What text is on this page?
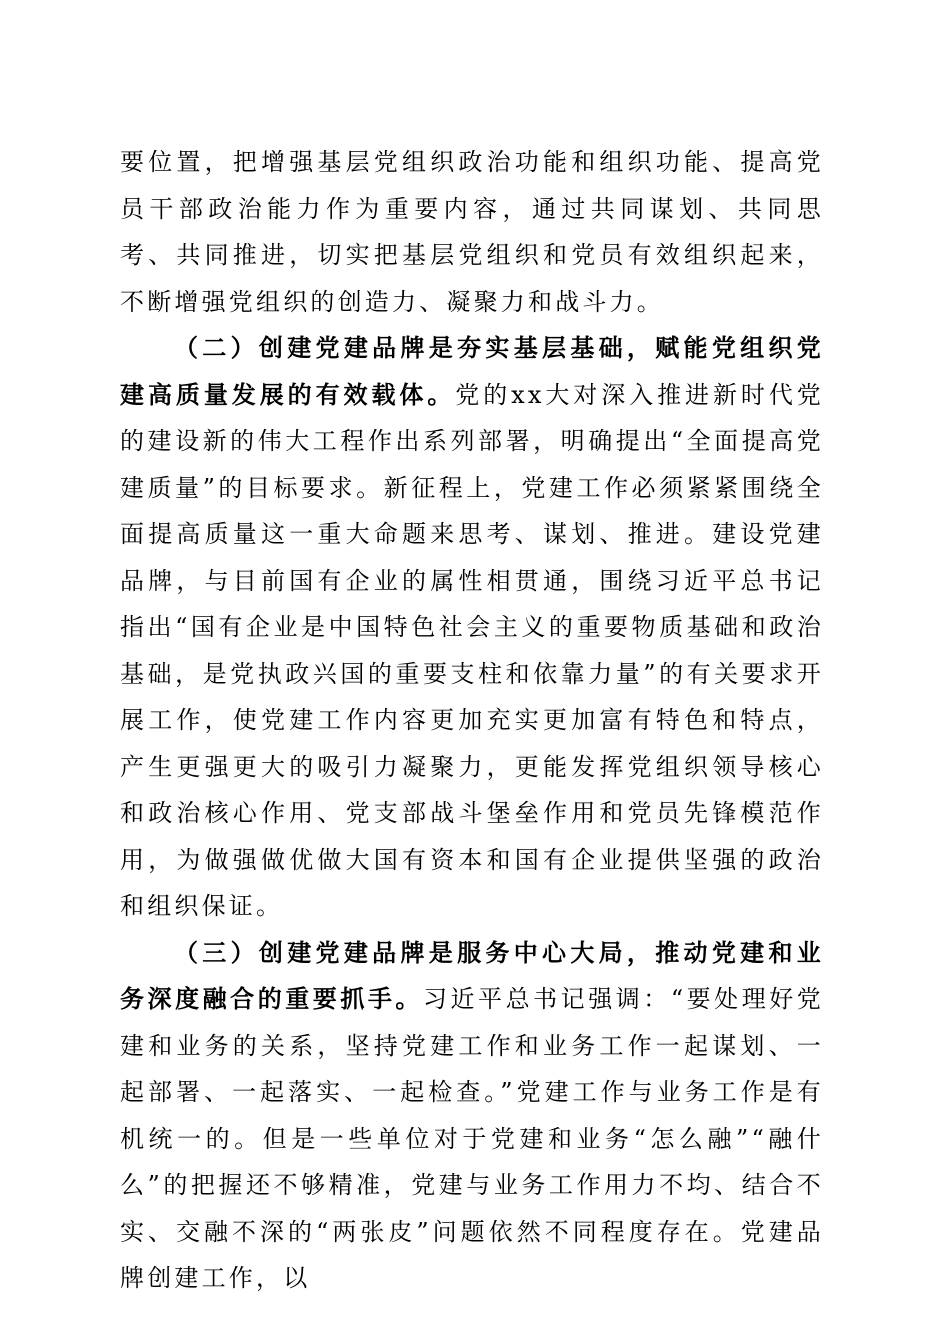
要位置，把增强基层党组织政治功能和组织功能、提高党员干部政治能力作为重要内容，通过共同谋划、共同思考、共同推进，切实把基层党组织和党员有效组织起来，不断增强党组织的创造力、凝聚力和战斗力。

（二）创建党建品牌是夯实基层基础，赋能党组织党建高质量发展的有效载体。党的xx大对深入推进新时代党的建设新的伟大工程作出系列部署，明确提出“全面提高党建质量”的目标要求。新征程上，党建工作必须紧紧围绕全面提高质量这一重大命题来思考、谋划、推进。建设党建品牌，与目前国有企业的属性相贯通，围绕习近平总书记指出“国有企业是中国特色社会主义的重要物质基础和政治基础，是党执政兴国的重要支柱和依靠力量”的有关要求开展工作，使党建工作内容更加充实更加富有特色和特点，产生更强更大的吸引力凝聚力，更能发挥党组织领导核心和政治核心作用、党支部战斗堡垒作用和党员先锋模范作用，为做强做优做大国有资本和国有企业提供坚强的政治和组织保证。

（三）创建党建品牌是服务中心大局，推动党建和业务深度融合的重要抓手。习近平总书记强调：“要处理好党建和业务的关系，坚持党建工作和业务工作一起谋划、一起部署、一起落实、一起检查。”党建工作与业务工作是有机统一的。但是一些单位对于党建和业务“怎么融”“融什么”的把握还不够精准，党建与业务工作用力不均、结合不实、交融不深的“两张皮”问题依然不同程度存在。党建品牌创建工作，以
